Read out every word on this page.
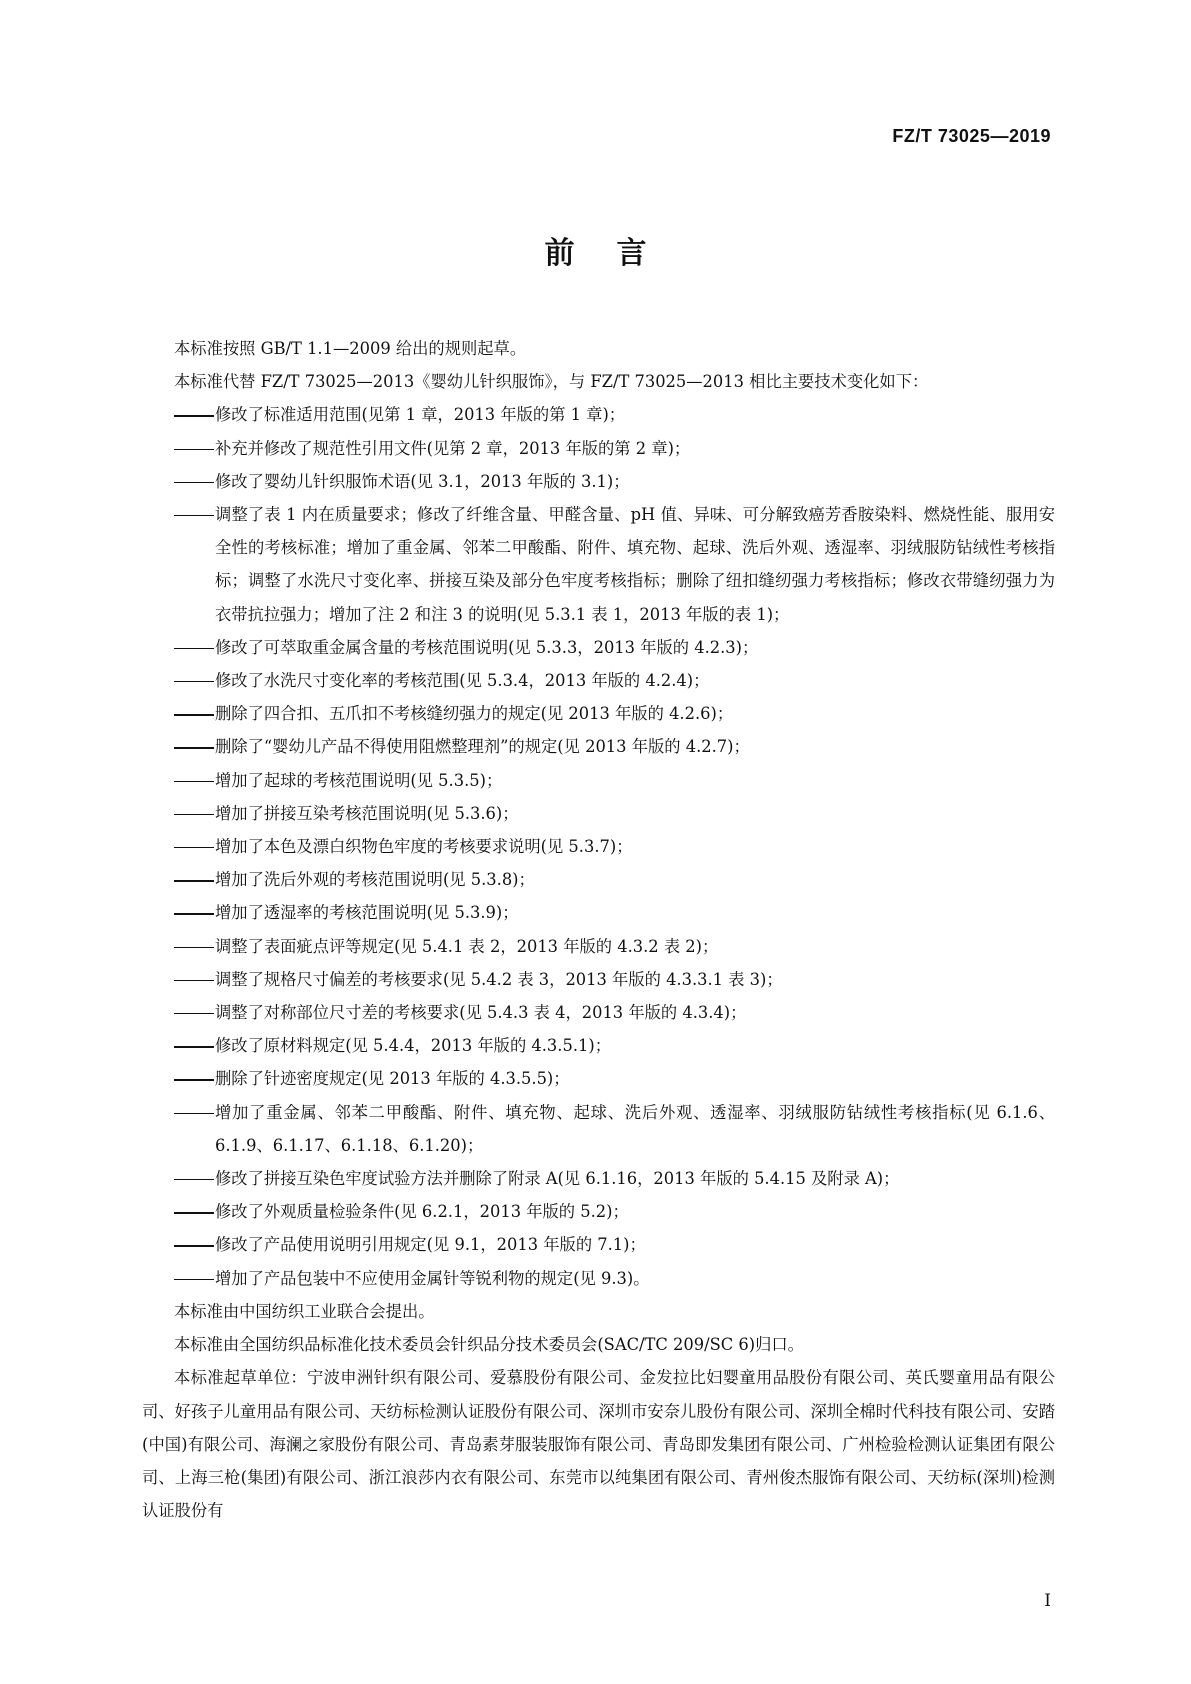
FZ/T 73025—2019
前言

本标准按照 GB/T 1.1—2009 给出的规则起草。

本标准代替 FZ/T 73025—2013《婴幼儿针织服饰》，与 FZ/T 73025—2013 相比主要技术变化如下：

修改了标准适用范围(见第 1 章，2013 年版的第 1 章)；
补充并修改了规范性引用文件(见第 2 章，2013 年版的第 2 章)；
修改了婴幼儿针织服饰术语(见 3.1，2013 年版的 3.1)；
调整了表 1 内在质量要求；修改了纤维含量、甲醛含量、pH 值、异味、可分解致癌芳香胺染料、燃烧性能、服用安全性的考核标准；增加了重金属、邻苯二甲酸酯、附件、填充物、起球、洗后外观、透湿率、羽绒服防钻绒性考核指标；调整了水洗尺寸变化率、拼接互染及部分色牢度考核指标；删除了纽扣缝纫强力考核指标；修改衣带缝纫强力为衣带抗拉强力；增加了注 2 和注 3 的说明(见 5.3.1 表 1，2013 年版的表 1)；
修改了可萃取重金属含量的考核范围说明(见 5.3.3，2013 年版的 4.2.3)；
修改了水洗尺寸变化率的考核范围(见 5.3.4，2013 年版的 4.2.4)；
删除了四合扣、五爪扣不考核缝纫强力的规定(见 2013 年版的 4.2.6)；
删除了“婴幼儿产品不得使用阻燃整理剂”的规定(见 2013 年版的 4.2.7)；
增加了起球的考核范围说明(见 5.3.5)；
增加了拼接互染考核范围说明(见 5.3.6)；
增加了本色及漂白织物色牢度的考核要求说明(见 5.3.7)；
增加了洗后外观的考核范围说明(见 5.3.8)；
增加了透湿率的考核范围说明(见 5.3.9)；
调整了表面疵点评等规定(见 5.4.1 表 2，2013 年版的 4.3.2 表 2)；
调整了规格尺寸偏差的考核要求(见 5.4.2 表 3，2013 年版的 4.3.3.1 表 3)；
调整了对称部位尺寸差的考核要求(见 5.4.3 表 4，2013 年版的 4.3.4)；
修改了原材料规定(见 5.4.4，2013 年版的 4.3.5.1)；
删除了针迹密度规定(见 2013 年版的 4.3.5.5)；
增加了重金属、邻苯二甲酸酯、附件、填充物、起球、洗后外观、透湿率、羽绒服防钻绒性考核指标(见 6.1.6、6.1.9、6.1.17、6.1.18、6.1.20)；
修改了拼接互染色牢度试验方法并删除了附录 A(见 6.1.16，2013 年版的 5.4.15 及附录 A)；
修改了外观质量检验条件(见 6.2.1，2013 年版的 5.2)；
修改了产品使用说明引用规定(见 9.1，2013 年版的 7.1)；
增加了产品包装中不应使用金属针等锐利物的规定(见 9.3)。

本标准由中国纺织工业联合会提出。

本标准由全国纺织品标准化技术委员会针织品分技术委员会(SAC/TC 209/SC 6)归口。

本标准起草单位：宁波申洲针织有限公司、爱慕股份有限公司、金发拉比妇婴童用品股份有限公司、英氏婴童用品有限公司、好孩子儿童用品有限公司、天纺标检测认证股份有限公司、深圳市安奈儿股份有限公司、深圳全棉时代科技有限公司、安踏(中国)有限公司、海澜之家股份有限公司、青岛素芽服装服饰有限公司、青岛即发集团有限公司、广州检验检测认证集团有限公司、上海三枪(集团)有限公司、浙江浪莎内衣有限公司、东莞市以纯集团有限公司、青州俊杰服饰有限公司、天纺标(深圳)检测认证股份有

I
